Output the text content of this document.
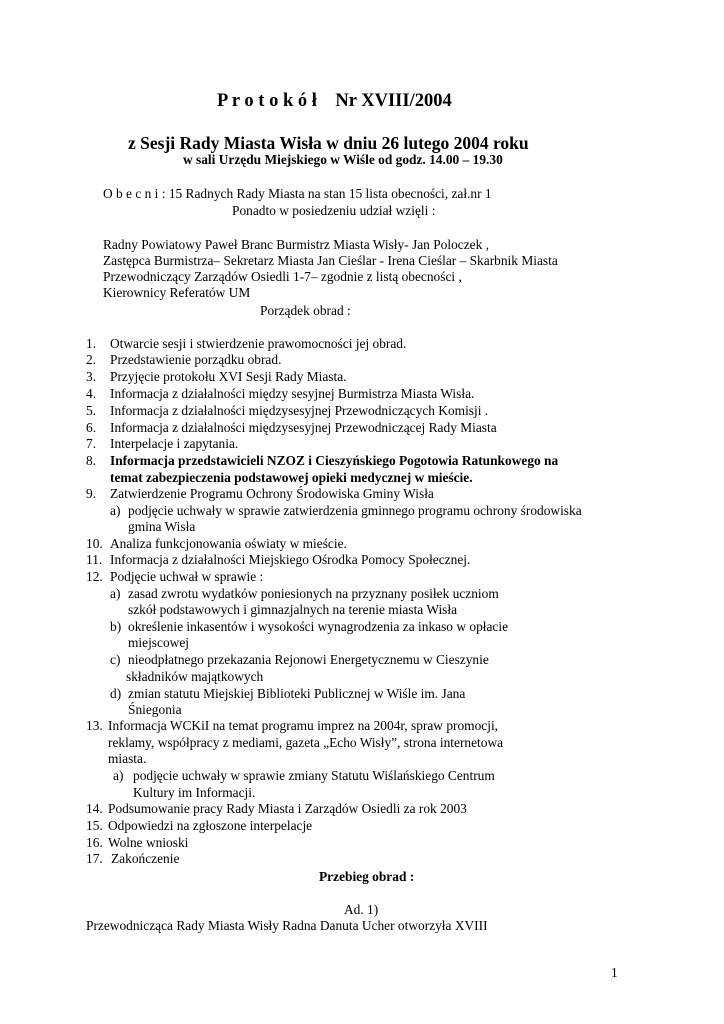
P r o t o k ó ł Nr XVIII/2004
z Sesji Rady Miasta Wisła w dniu 26 lutego 2004 roku
w sali Urzędu Miejskiego w Wiśle od godz. 14.00 – 19.30
O b e c n i : 15 Radnych Rady Miasta na stan 15 lista obecności, zał.nr 1
Ponadto w posiedzeniu udział wzięli :
Radny Powiatowy Paweł Branc Burmistrz Miasta Wisły- Jan Poloczek ,
Zastępca Burmistrza– Sekretarz Miasta Jan Cieślar - Irena Cieślar – Skarbnik Miasta
Przewodniczący Zarządów Osiedli 1-7– zgodnie z listą obecności ,
Kierownicy Referatów UM
Porządek obrad :
1. Otwarcie sesji i stwierdzenie prawomocności jej obrad.
2. Przedstawienie porządku obrad.
3. Przyjęcie protokołu XVI Sesji Rady Miasta.
4. Informacja z działalności między sesyjnej Burmistrza Miasta Wisła.
5. Informacja z działalności międzysesyjnej Przewodniczących Komisji .
6. Informacja z działalności międzysesyjnej Przewodniczącej Rady Miasta
7. Interpelacje i zapytania.
8. Informacja przedstawicieli NZOZ i Cieszyńskiego Pogotowia Ratunkowego na
temat zabezpieczenia podstawowej opieki medycznej w mieście.
9. Zatwierdzenie Programu Ochrony Środowiska Gminy Wisła
a) podjęcie uchwały w sprawie zatwierdzenia gminnego programu ochrony środowiska
gmina Wisła
10. Analiza funkcjonowania oświaty w mieście.
11. Informacja z działalności Miejskiego Ośrodka Pomocy Społecznej.
12. Podjęcie uchwał w sprawie :
a) zasad zwrotu wydatków poniesionych na przyznany posiłek uczniom
szkół podstawowych i gimnazjalnych na terenie miasta Wisła
b) określenie inkasentów i wysokości wynagrodzenia za inkaso w opłacie
miejscowej
c) nieodpłatnego przekazania Rejonowi Energetycznemu w Cieszynie
składników majątkowych
d) zmian statutu Miejskiej Biblioteki Publicznej w Wiśle im. Jana
Śniegonia
13. Informacja WCKiI na temat programu imprez na 2004r, spraw promocji,
reklamy, współpracy z mediami, gazeta „Echo Wisły”, strona internetowa
miasta.
a) podjęcie uchwały w sprawie zmiany Statutu Wiślańskiego Centrum
Kultury im Informacji.
14. Podsumowanie pracy Rady Miasta i Zarządów Osiedli za rok 2003
15. Odpowiedzi na zgłoszone interpelacje
16. Wolne wnioski
17. Zakończenie
Przebieg obrad :
Ad. 1)
Przewodnicząca Rady Miasta Wisły Radna Danuta Ucher otworzyła XVIII
1
